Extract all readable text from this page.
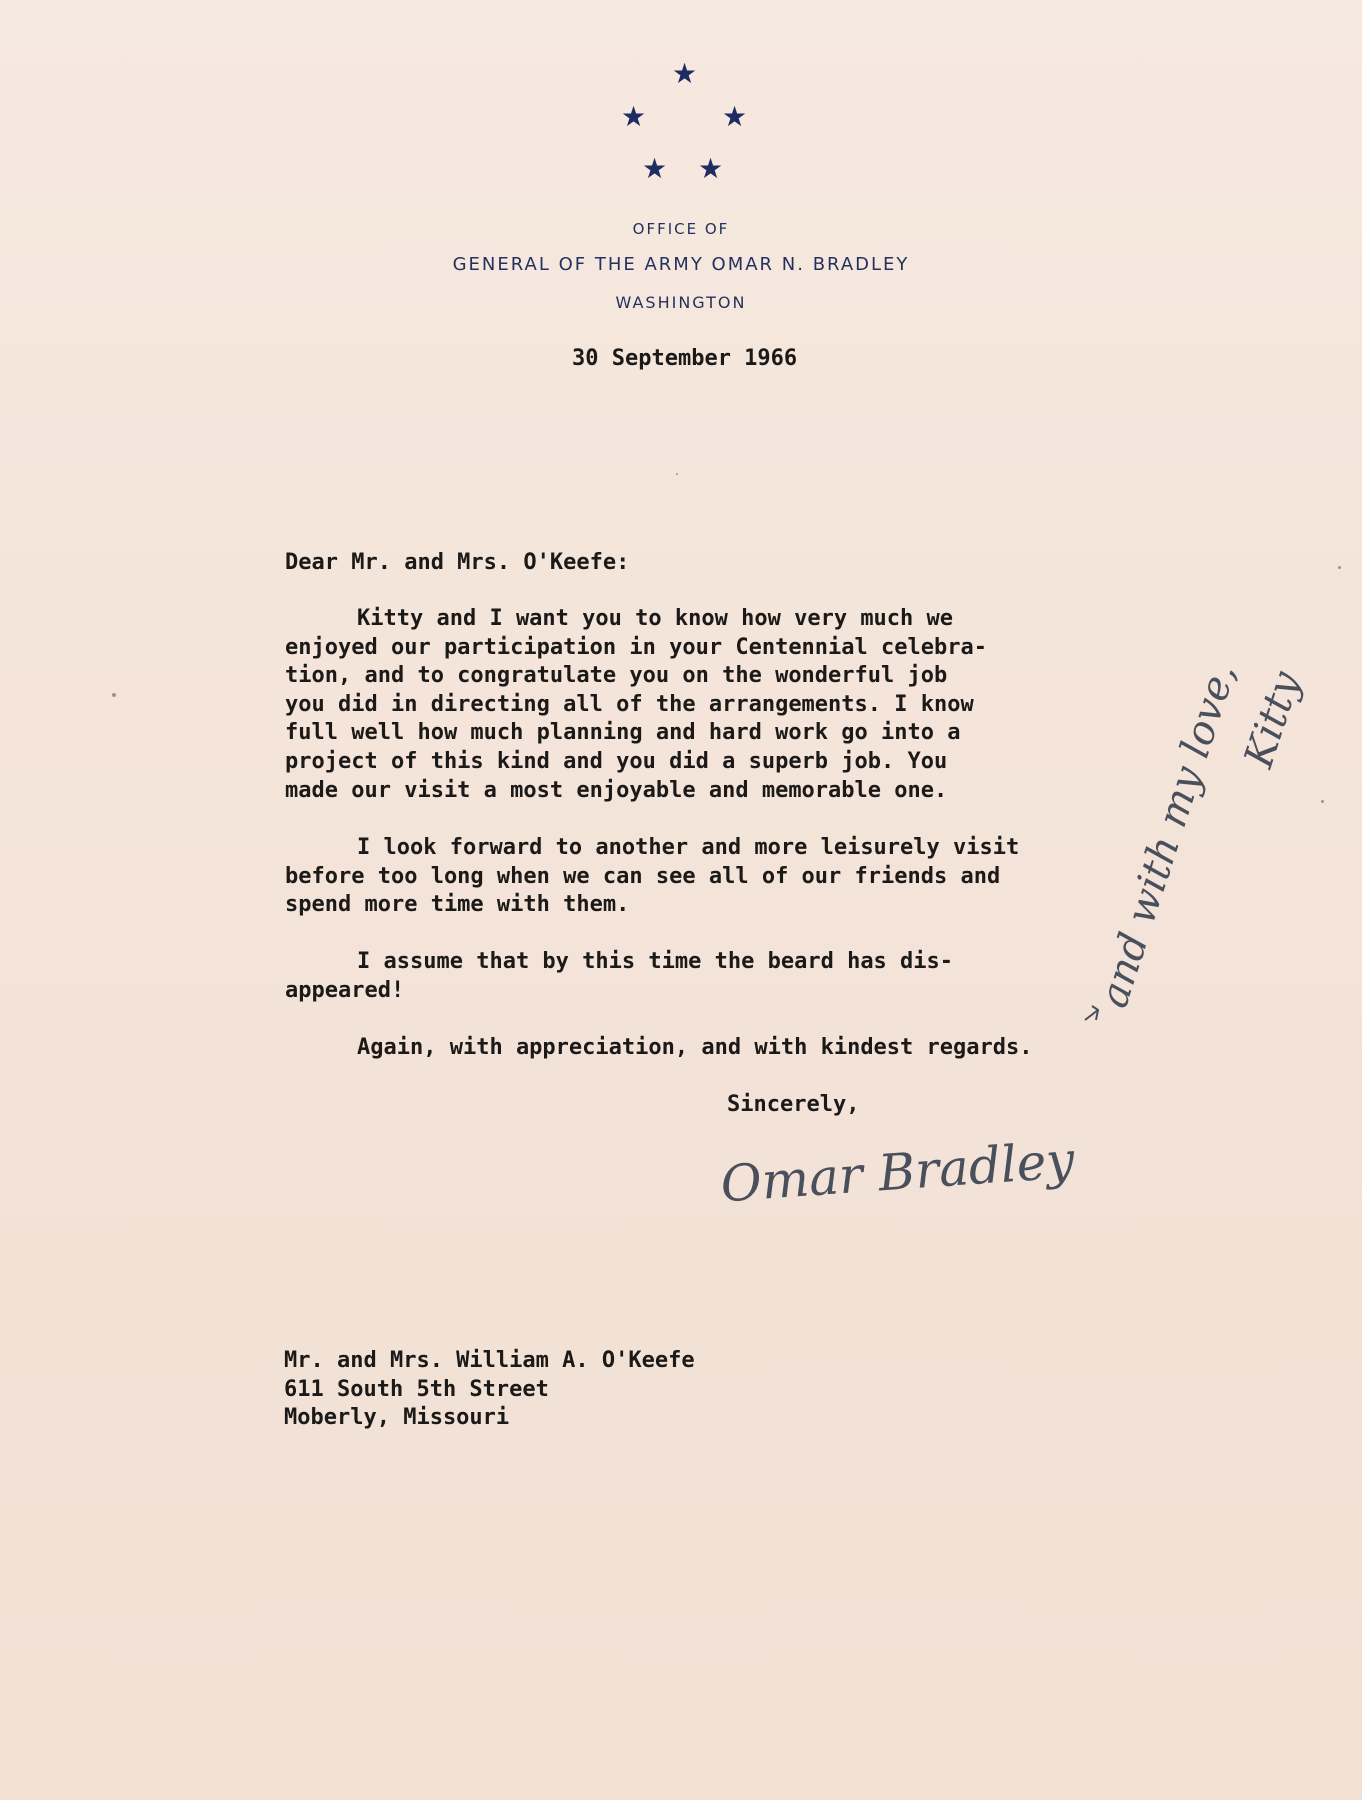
★
★	★
★ ★

OFFICE OF

GENERAL OF THE ARMY OMAR N. BRADLEY

WASHINGTON

30 September 1966

Dear Mr. and Mrs. O'Keefe:

Kitty and I want you to know how very much we
enjoyed our participation in your Centennial celebra-
tion, and to congratulate you on the wonderful job
you did in directing all of the arrangements. I know
full well how much planning and hard work go into a
project of this kind and you did a superb job. You
made our visit a most enjoyable and memorable one.
I look forward to another and more leisurely visit
before too long when we can see all of our friends and
spend more time with them.
I assume that by this time the beard has dis-
appeared!
Again, with appreciation, and with kindest regards.

Sincerely,

Omar Bradley
and with my love,
Kitty
Mr. and Mrs. William A. O'Keefe
611 South 5th Street
Moberly, Missouri
